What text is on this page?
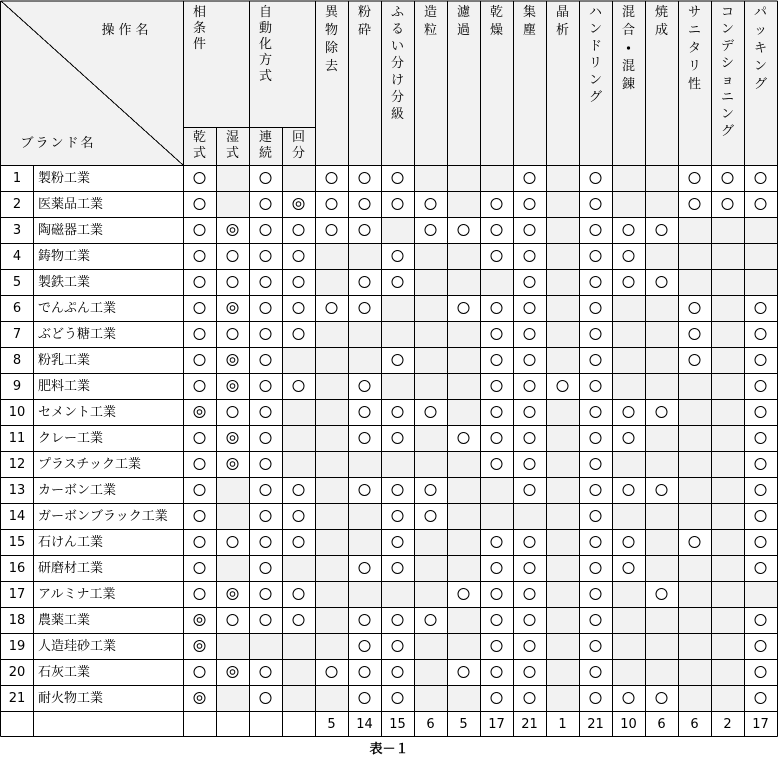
操作名
ブランド名
相
条
件
自
動
化
方
式
乾
式
湿
式
連
続
回
分
異
物
除
去
粉
砕
ふ
る
い
分
け
分
級
造
粒
濾
過
乾
燥
集
塵
晶
析
ハ
ン
ド
リ
ン
グ
混
合
混
錬
焼
成
サ
ニ
タ
リ
性
コ
ン
デ
シ
ョ
ニ
ン
グ
パ
ッ
キ
ン
グ
1 製粉工業
2 医薬品工業
3 陶磁器工業
4 鋳物工業
5 製鉄工業
6 でんぷん工業
7 ぶどう糖工業
8 粉乳工業
9 肥料工業
10 セメント工業
11 クレー工業
12 プラスチック工業
13 カーボン工業
14 ガーボンブラック工業
15 石けん工業
16 研磨材工業
17 アルミナ工業
18 農薬工業
19 人造珪砂工業
20 石灰工業
21 耐火物工業
5 14 15 6 5 17 21 1 21 10 6 6 2 17
表－１
